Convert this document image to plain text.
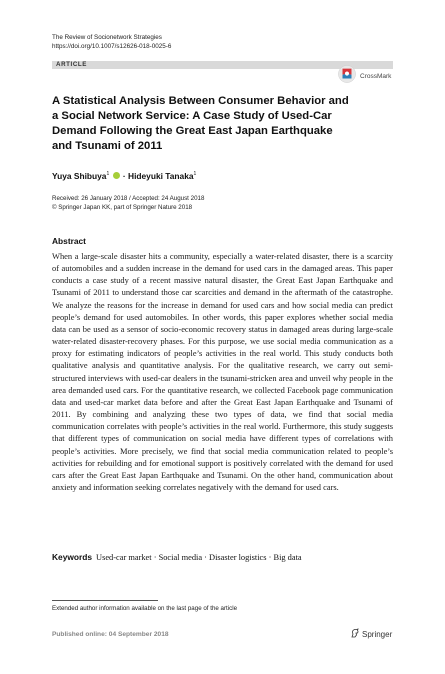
The Review of Socionetwork Strategies
https://doi.org/10.1007/s12626-018-0025-6
ARTICLE
CrossMark
A Statistical Analysis Between Consumer Behavior and a Social Network Service: A Case Study of Used-Car Demand Following the Great East Japan Earthquake and Tsunami of 2011
Yuya Shibuya$^1$ · Hideyuki Tanaka$^1$
Received: 26 January 2018 / Accepted: 24 August 2018
© Springer Japan KK, part of Springer Nature 2018
Abstract

When a large-scale disaster hits a community, especially a water-related disaster, there is a scarcity of automobiles and a sudden increase in the demand for used cars in the damaged areas. This paper conducts a case study of a recent massive natural disaster, the Great East Japan Earthquake and Tsunami of 2011 to understand those car scarcities and demand in the aftermath of the catastrophe. We analyze the reasons for the increase in demand for used cars and how social media can predict people’s demand for used automobiles. In other words, this paper explores whether social media data can be used as a sensor of socio-economic recovery status in damaged areas during large-scale water-related disaster-recovery phases. For this purpose, we use social media communication as a proxy for estimating indicators of people’s activities in the real world. This study conducts both qualitative analysis and quantitative analysis. For the qualitative research, we carry out semi-structured interviews with used-car dealers in the tsunami-stricken area and unveil why people in the area demanded used cars. For the quantitative research, we collected Facebook page communication data and used-car market data before and after the Great East Japan Earthquake and Tsunami of 2011. By combining and analyzing these two types of data, we find that social media communication correlates with people’s activities in the real world. Furthermore, this study suggests that different types of communication on social media have different types of correlations with people’s activities. More precisely, we find that social media communication related to people’s activities for rebuilding and for emotional support is positively correlated with the demand for used cars after the Great East Japan Earthquake and Tsunami. On the other hand, communication about anxiety and information seeking correlates negatively with the demand for used cars.

Keywords Used-car market · Social media · Disaster logistics · Big data
Extended author information available on the last page of the article
Published online: 04 September 2018	Springer
